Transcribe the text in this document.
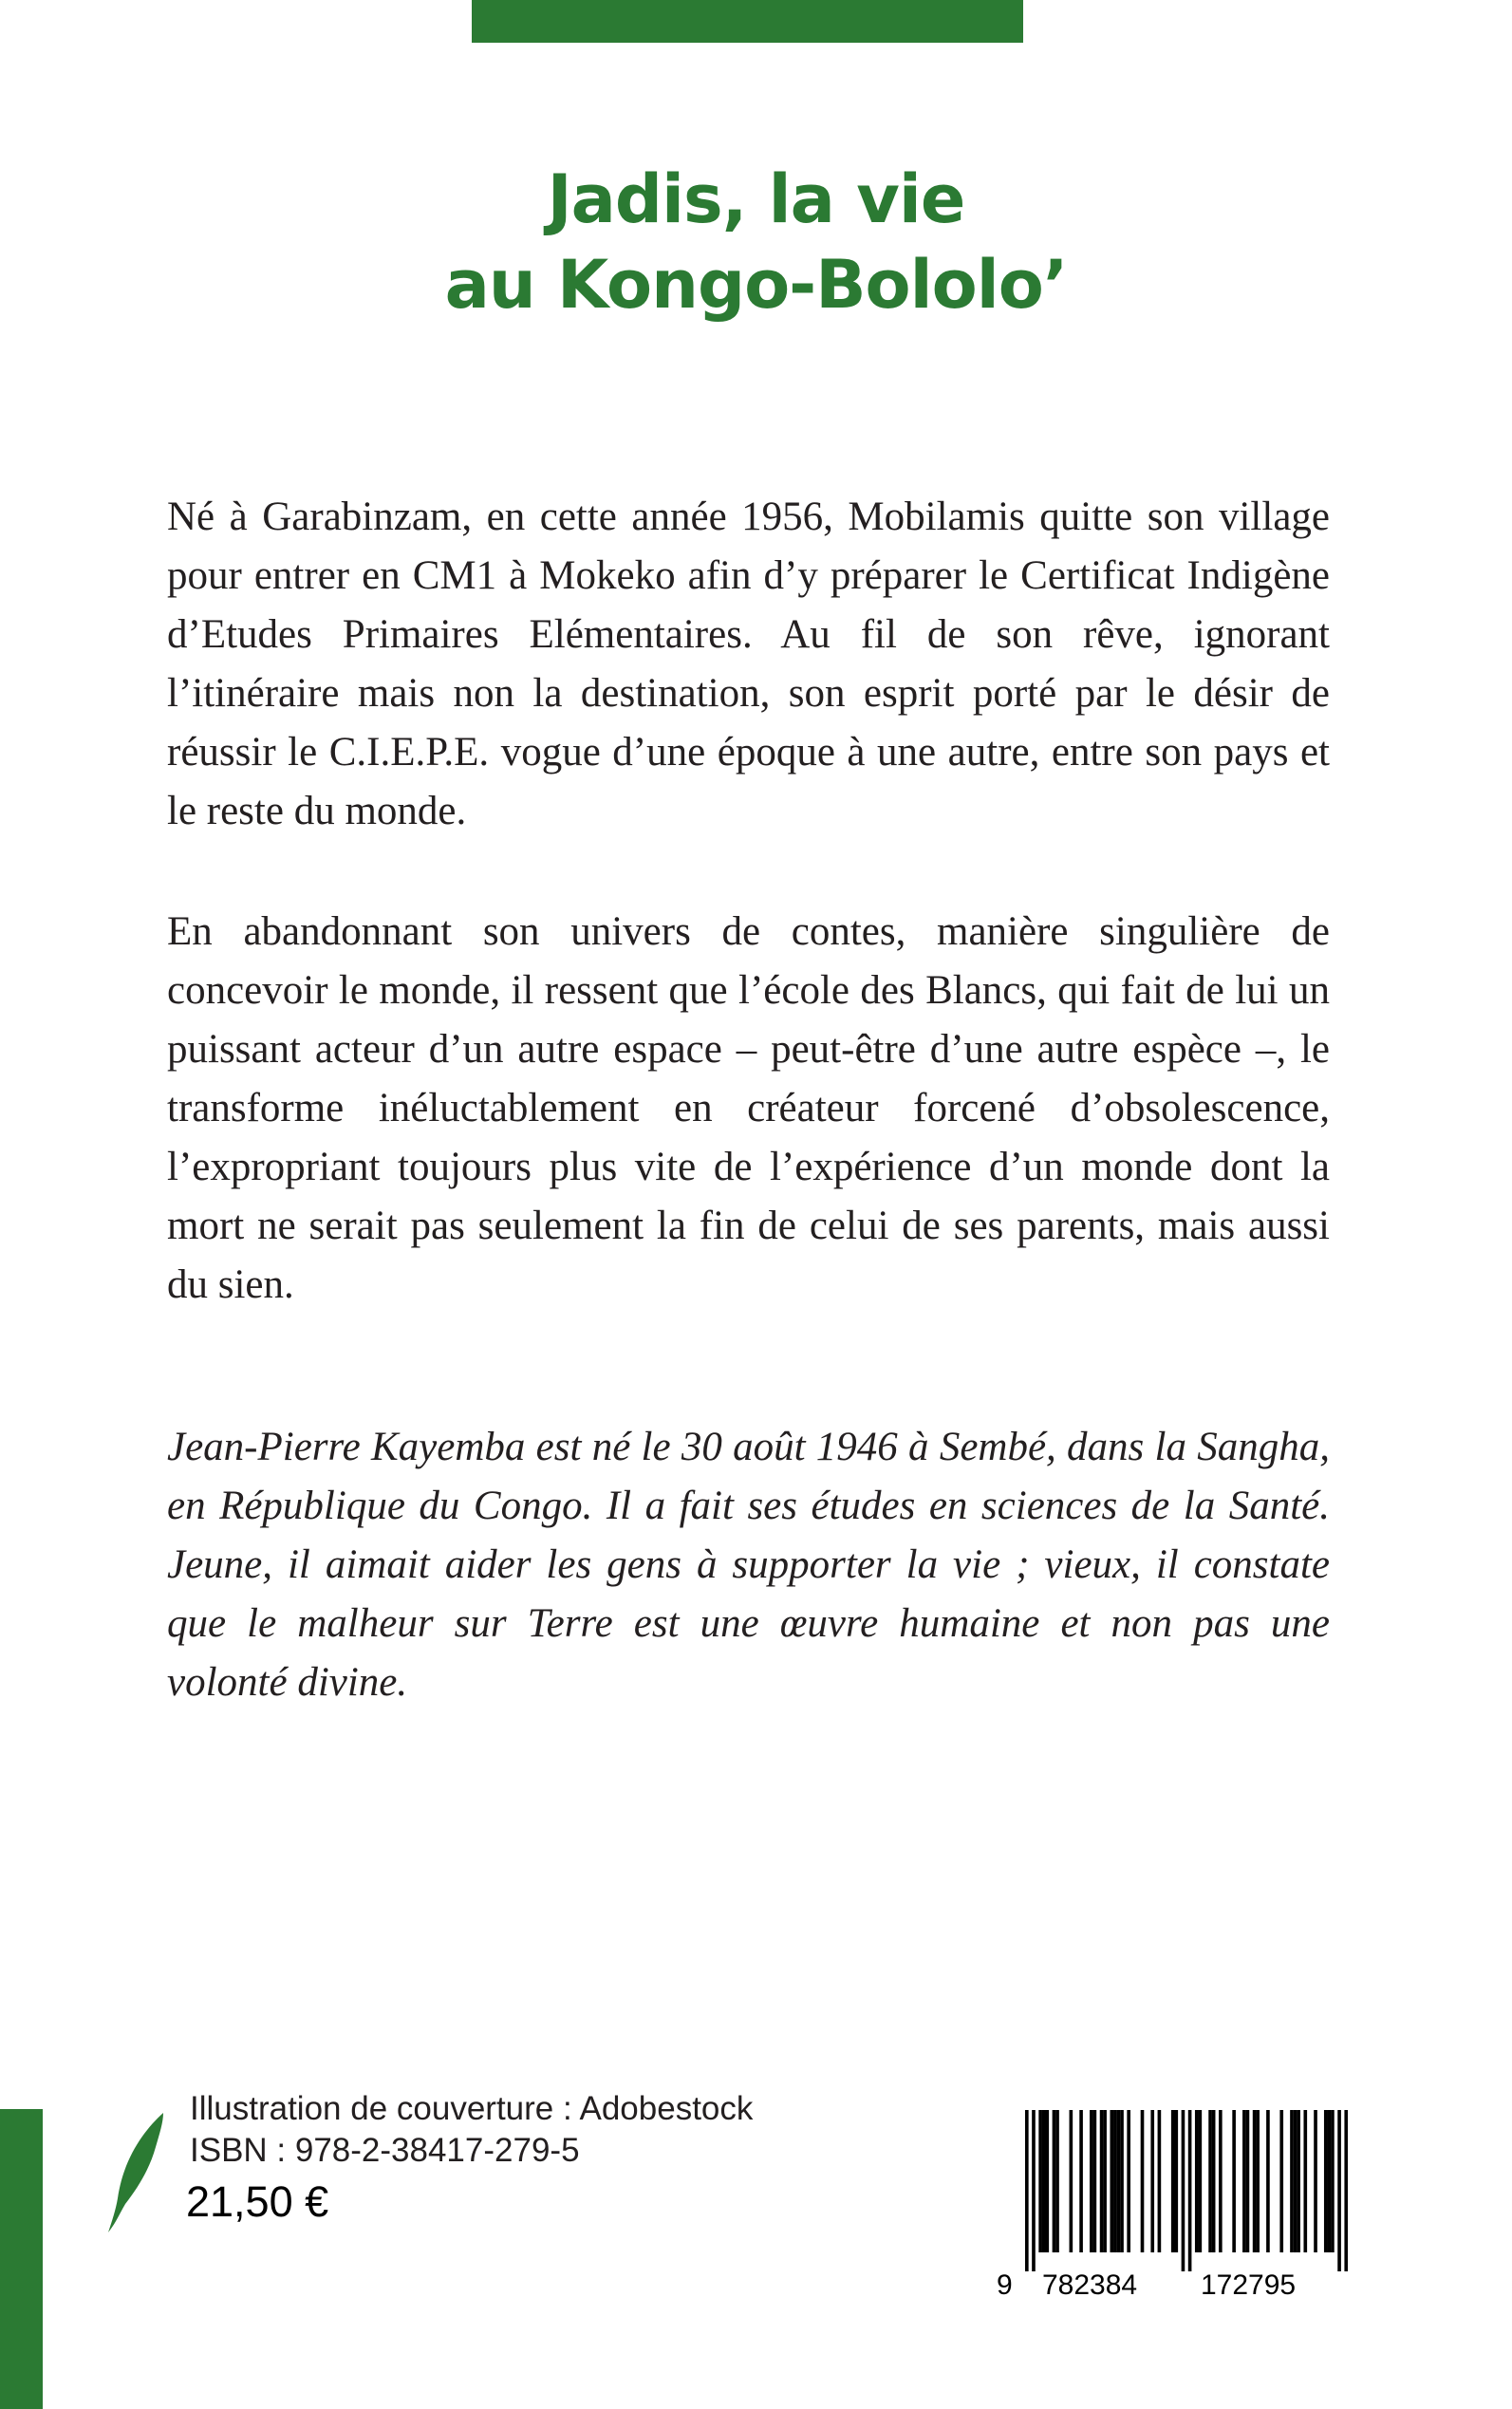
Jadis, la vie
au Kongo-Bololo’

Né à Garabinzam, en cette année 1956, Mobilamis quitte son village pour entrer en CM1 à Mokeko afin d’y préparer le Certificat Indigène d’Etudes Primaires Elémentaires. Au fil de son rêve, ignorant l’itinéraire mais non la destination, son esprit porté par le désir de réussir le C.I.E.P.E. vogue d’une époque à une autre, entre son pays et le reste du monde.

En abandonnant son univers de contes, manière singulière de concevoir le monde, il ressent que l’école des Blancs, qui fait de lui un puissant acteur d’un autre espace – peut-être d’une autre espèce –, le transforme inéluctablement en créateur forcené d’obsolescence, l’expropriant toujours plus vite de l’expérience d’un monde dont la mort ne serait pas seulement la fin de celui de ses parents, mais aussi du sien.

Jean-Pierre Kayemba est né le 30 août 1946 à Sembé, dans la Sangha, en République du Congo. Il a fait ses études en sciences de la Santé. Jeune, il aimait aider les gens à supporter la vie ; vieux, il constate que le malheur sur Terre est une œuvre humaine et non pas une volonté divine.

Illustration de couverture : Adobestock
ISBN : 978-2-38417-279-5
21,50 €
9 782384 172795
